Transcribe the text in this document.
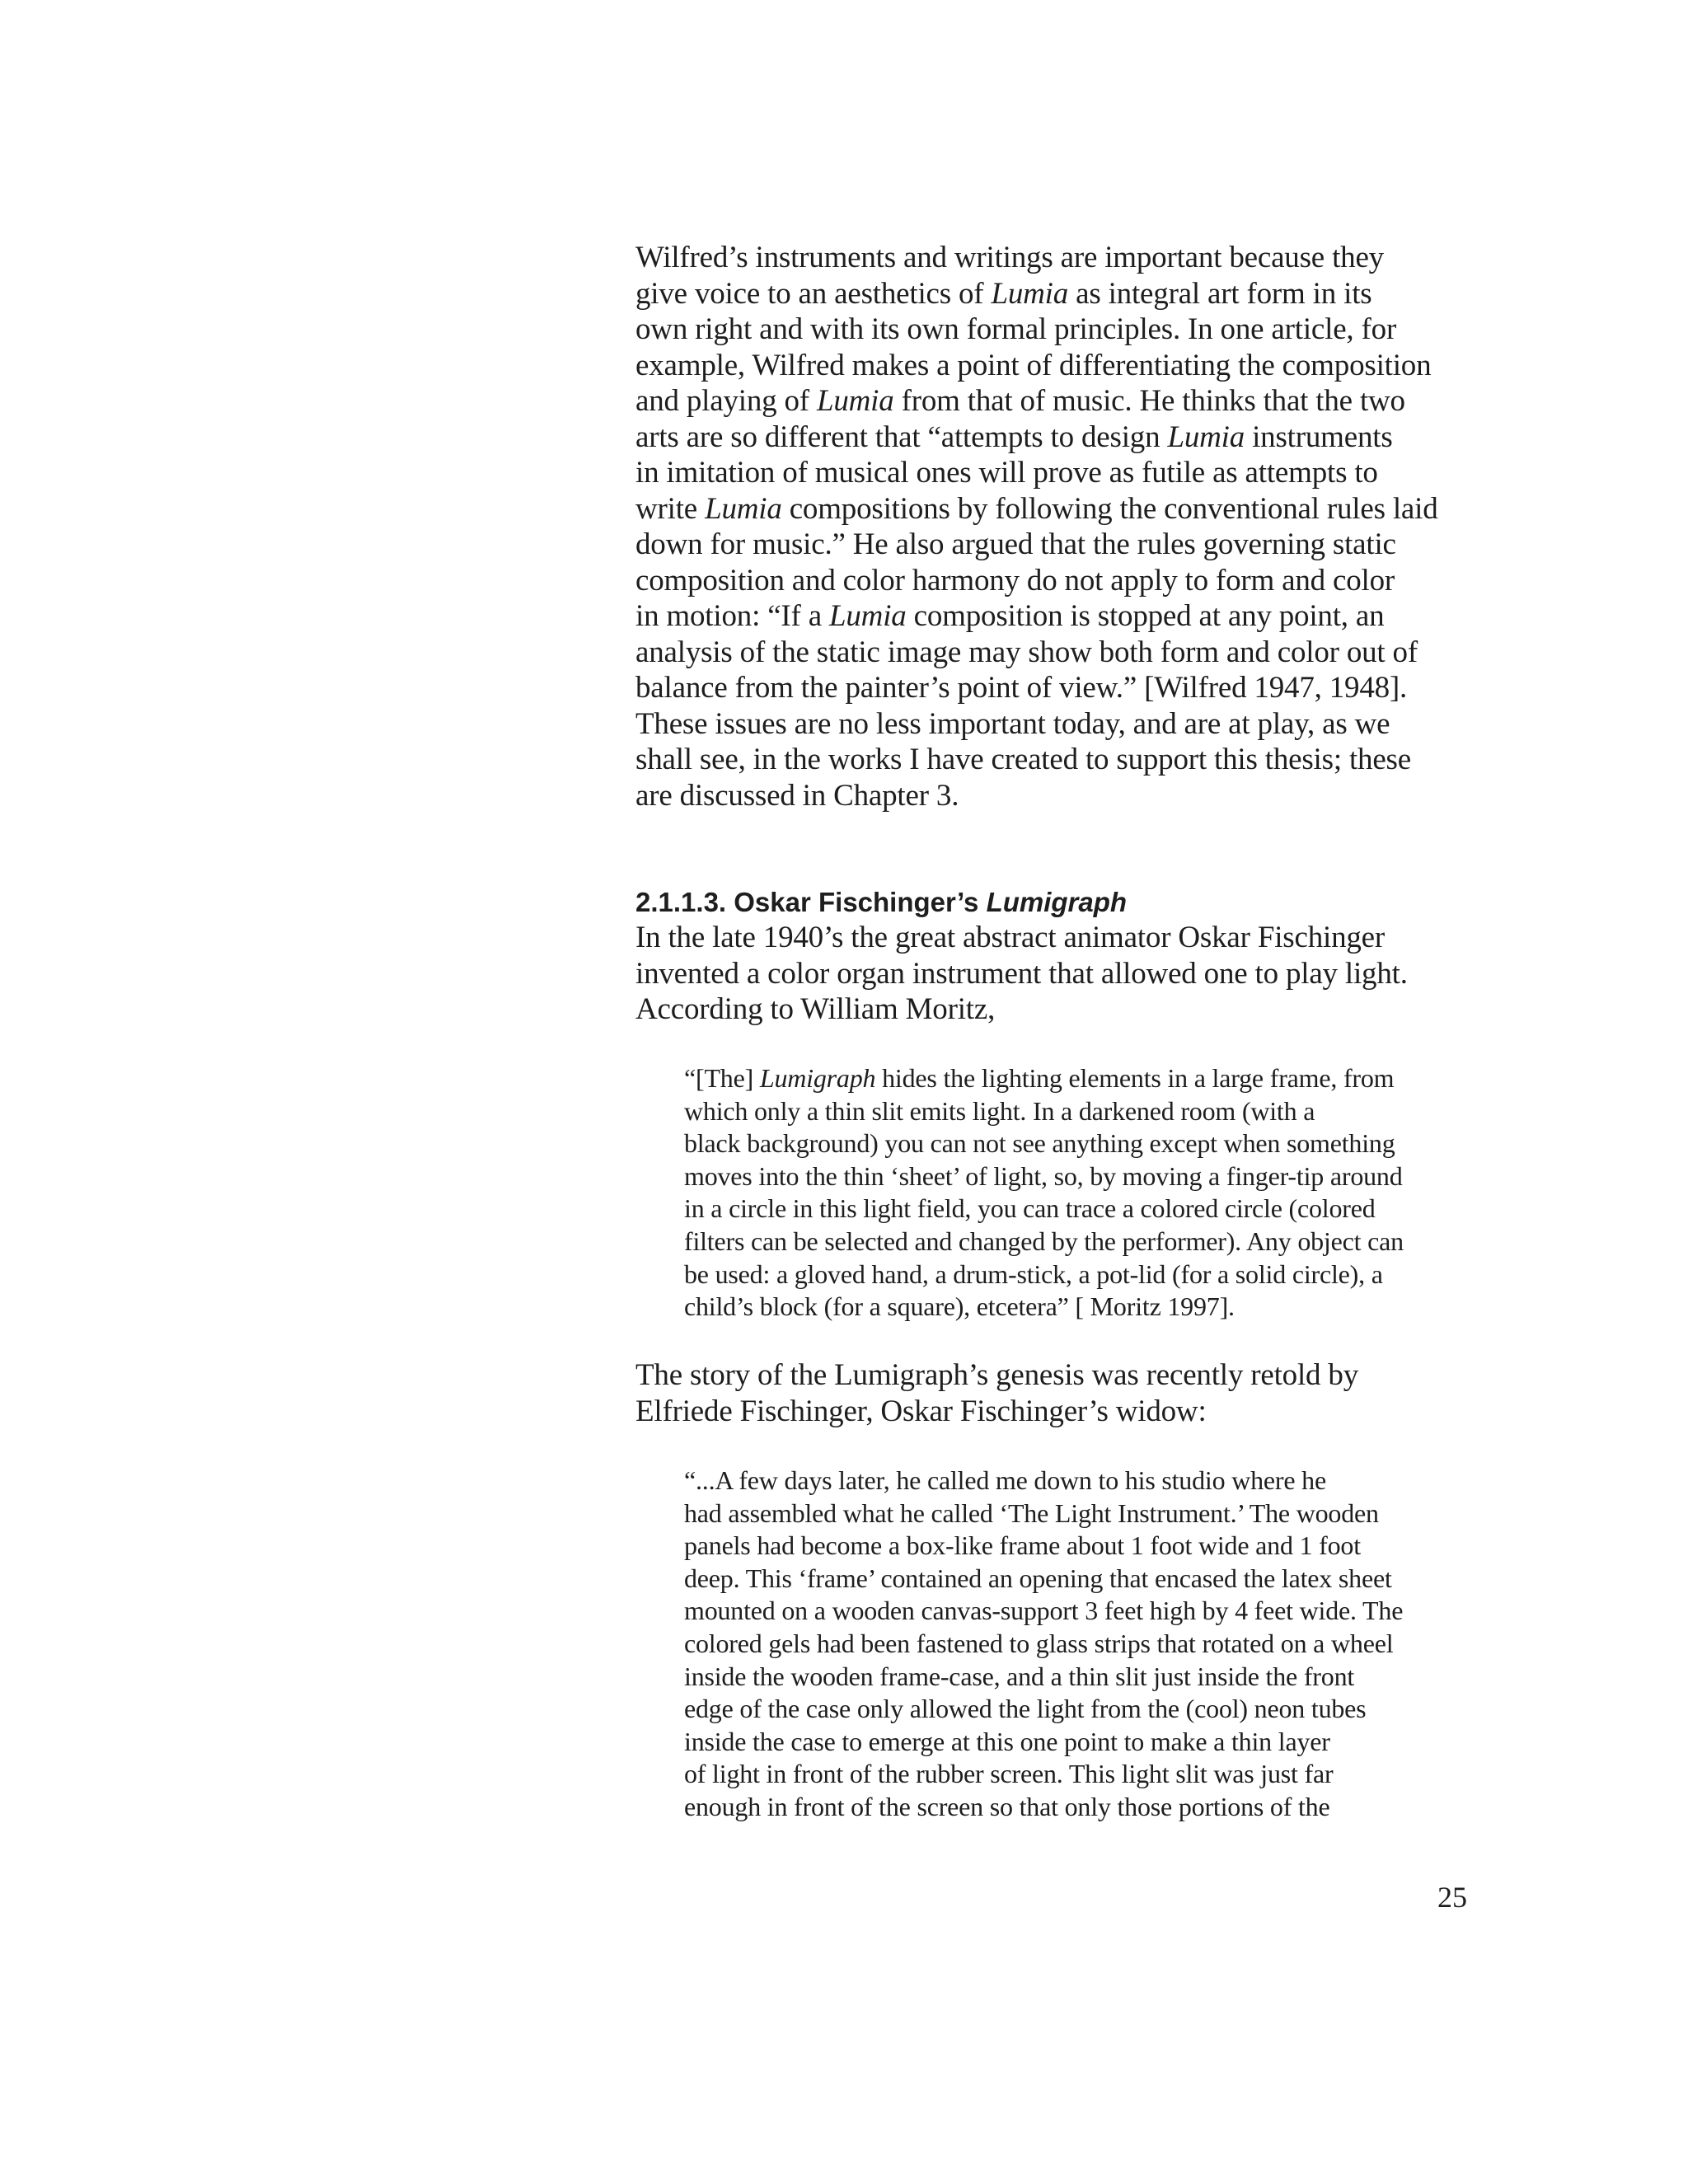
Wilfred’s instruments and writings are important because they
give voice to an aesthetics of Lumia as integral art form in its
own right and with its own formal principles. In one article, for
example, Wilfred makes a point of differentiating the composition
and playing of Lumia from that of music. He thinks that the two
arts are so different that “attempts to design Lumia instruments
in imitation of musical ones will prove as futile as attempts to
write Lumia compositions by following the conventional rules laid
down for music.” He also argued that the rules governing static
composition and color harmony do not apply to form and color
in motion: “If a Lumia composition is stopped at any point, an
analysis of the static image may show both form and color out of
balance from the painter’s point of view.” [Wilfred 1947, 1948].
These issues are no less important today, and are at play, as we
shall see, in the works I have created to support this thesis; these
are discussed in Chapter 3.
2.1.1.3. Oskar Fischinger’s Lumigraph
In the late 1940’s the great abstract animator Oskar Fischinger
invented a color organ instrument that allowed one to play light.
According to William Moritz,
“[The] Lumigraph hides the lighting elements in a large frame, from
which only a thin slit emits light. In a darkened room (with a
black background) you can not see anything except when something
moves into the thin ‘sheet’ of light, so, by moving a finger-tip around
in a circle in this light field, you can trace a colored circle (colored
filters can be selected and changed by the performer). Any object can
be used: a gloved hand, a drum-stick, a pot-lid (for a solid circle), a
child’s block (for a square), etcetera” [ Moritz 1997].
The story of the Lumigraph’s genesis was recently retold by
Elfriede Fischinger, Oskar Fischinger’s widow:
“...A few days later, he called me down to his studio where he
had assembled what he called ‘The Light Instrument.’ The wooden
panels had become a box-like frame about 1 foot wide and 1 foot
deep. This ‘frame’ contained an opening that encased the latex sheet
mounted on a wooden canvas-support 3 feet high by 4 feet wide. The
colored gels had been fastened to glass strips that rotated on a wheel
inside the wooden frame-case, and a thin slit just inside the front
edge of the case only allowed the light from the (cool) neon tubes
inside the case to emerge at this one point to make a thin layer
of light in front of the rubber screen. This light slit was just far
enough in front of the screen so that only those portions of the
25
